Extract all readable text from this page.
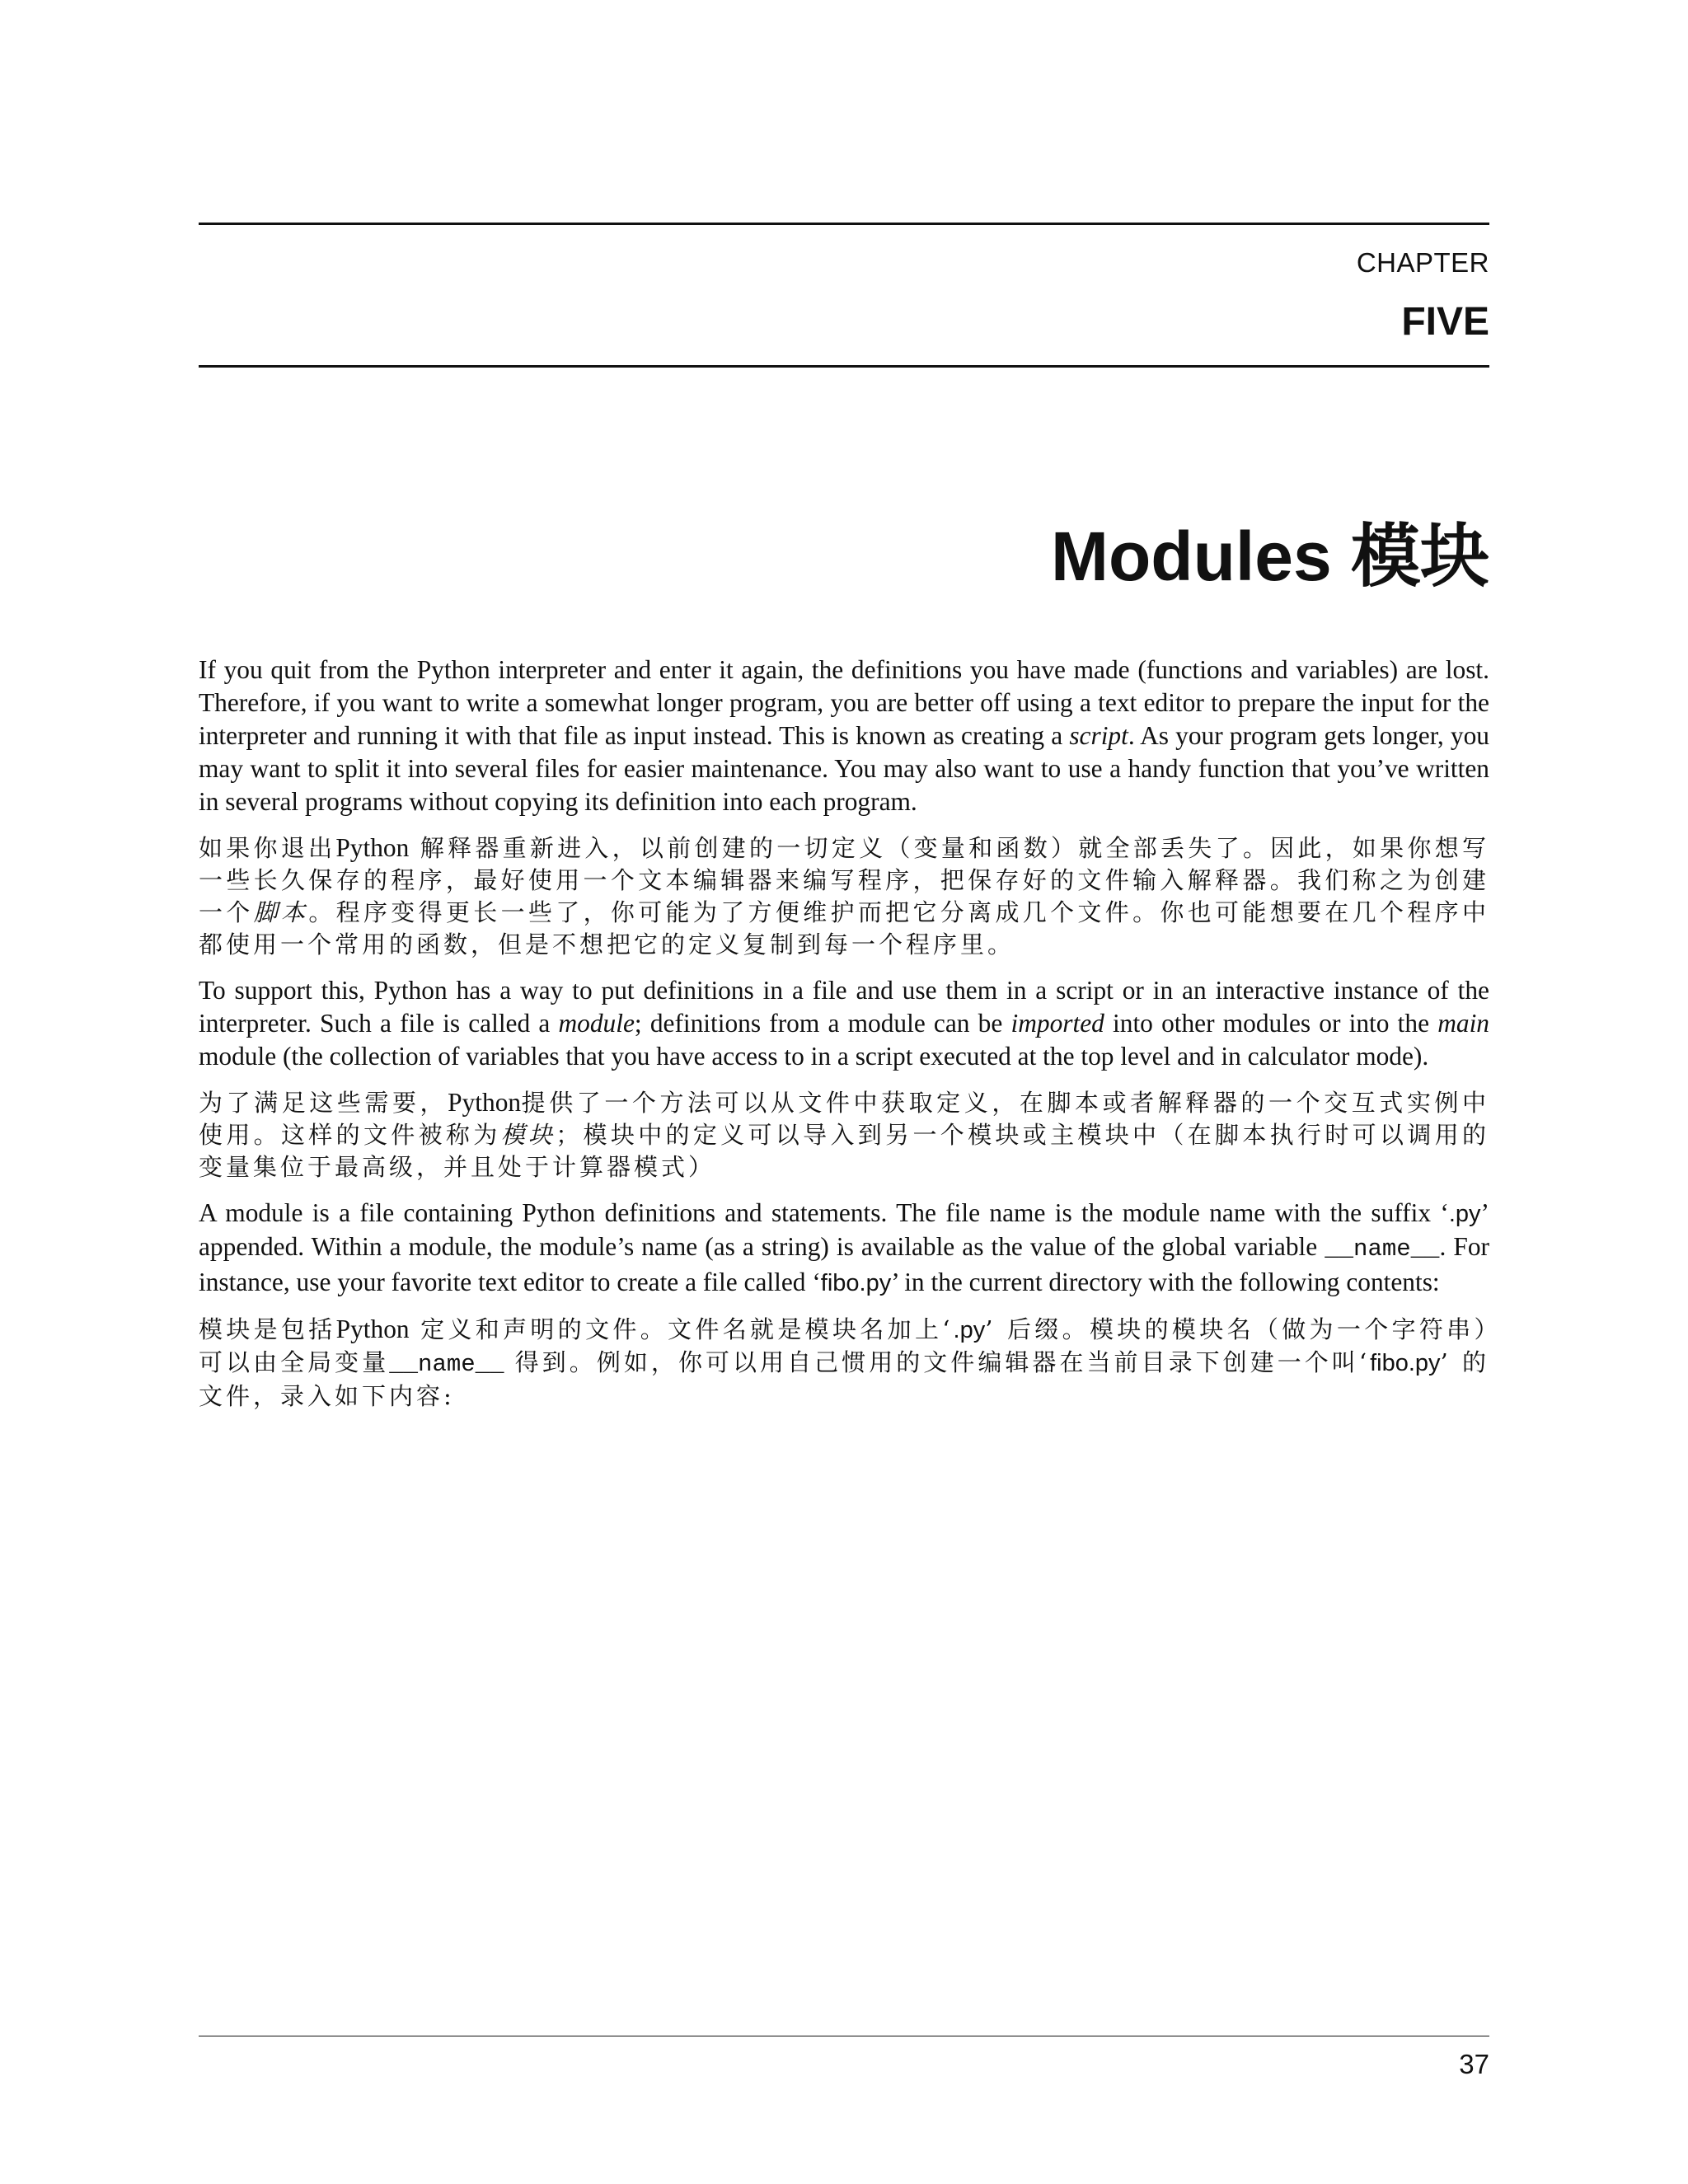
CHAPTER
FIVE
Modules 模块

If you quit from the Python interpreter and enter it again, the definitions you have made (functions and variables) are lost. Therefore, if you want to write a somewhat longer program, you are better off using a text editor to prepare the input for the interpreter and running it with that file as input instead. This is known as creating a script. As your program gets longer, you may want to split it into several files for easier maintenance. You may also want to use a handy function that you’ve written in several programs without copying its definition into each program.

如果你退出Python 解释器重新进入，以前创建的一切定义（变量和函数）就全部丢失了。因此，如果你想写一些长久保存的程序，最好使用一个文本编辑器来编写程序，把保存好的文件输入解释器。我们称之为创建一个脚本。程序变得更长一些了，你可能为了方便维护而把它分离成几个文件。你也可能想要在几个程序中都使用一个常用的函数，但是不想把它的定义复制到每一个程序里。

To support this, Python has a way to put definitions in a file and use them in a script or in an interactive instance of the interpreter. Such a file is called a module; definitions from a module can be imported into other modules or into the main module (the collection of variables that you have access to in a script executed at the top level and in calculator mode).

为了满足这些需要，Python提供了一个方法可以从文件中获取定义，在脚本或者解释器的一个交互式实例中使用。这样的文件被称为模块；模块中的定义可以导入到另一个模块或主模块中（在脚本执行时可以调用的变量集位于最高级，并且处于计算器模式）

A module is a file containing Python definitions and statements. The file name is the module name with the suffix ‘.py’ appended. Within a module, the module’s name (as a string) is available as the value of the global variable __name__. For instance, use your favorite text editor to create a file called ‘fibo.py’ in the current directory with the following contents:

模块是包括Python 定义和声明的文件。文件名就是模块名加上‘.py’ 后缀。模块的模块名（做为一个字符串）可以由全局变量__name__ 得到。例如，你可以用自己惯用的文件编辑器在当前目录下创建一个叫‘fibo.py’ 的文件，录入如下内容:

37
